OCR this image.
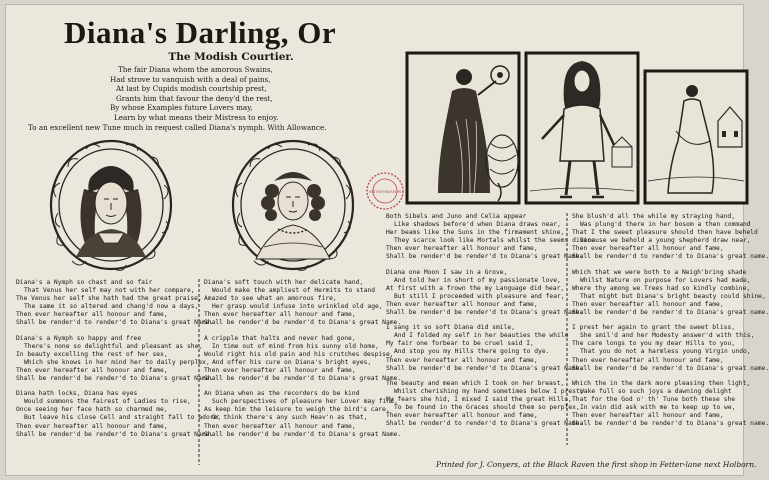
Diana's Darling, Or
The Modish Courtier.
The fair Diana whom the amorous Swains,
Had strove to vanquish with a deal of pains,
At last by Cupids modish courtship prest,
Grants him that favour the deny'd the rest,
By whose Examples future Lovers may,
Learn by what means their Mistress to enjoy.
To an excellent new Tune much in request called Diana's nymph. With Allowance.
BRITISH MUSEUM
Diana's a Nymph so chast and so fair
That Venus her self may not with her compare,
The Venus her self she hath had the great praise,
The same it so altered and chang'd now a days,
Then ever hereafter all honour and fame,
Shall be render'd to render'd to Diana's great Name.
Diana's a Nymph so happy and free
There's none so delightful and pleasant as she,
In beauty excelling the rest of her sex,
Which she knows in her mind her to daily perplex,
Then ever hereafter all honour and fame,
Shall be render'd be render'd to Diana's great Name.
Diana hath locks, Diana has eyes
Would summons the fairest of Ladies to rise,
Once seeing her face hath so charmed me,
But leave his close Cell and straight fall to adore,
Then ever hereafter all honour and fame,
Shall be render'd be render'd to Diana's great Name.
Diana's soft touch with her delicate hand,
Would make the ampliest of Hermits to stand
Amazed to see what an amorous fire,
Her grasp would infuse into wrinkled old age,
Then ever hereafter all honour and fame,
Shall be render'd be render'd to Diana's great Name.
A cripple that halts and never had gone,
In time out of mind from his sunny old home,
Would right his old pain and his crutches despise,
And offer his cure on Diana's bright eyes,
Then ever hereafter all honour and fame,
Shall be render'd be render'd to Diana's great Name.
An Diana when as the recorders do be kind
Such perspectives of pleasure her Lover may find,
As keep him the leisure to weigh the bird's care,
Or think there's any such Heav'n as that,
Then ever hereafter all honour and fame,
Shall be render'd be render'd to Diana's great Name.
Both Sibels and Juno and Celia appear
Like shadows before'd when Diana draws near,
Her beams like the Suns in the firmament shine,
They scarce look like Mortals whilst the seems divine
Then ever hereafter all honour and fame,
Shall be render'd be render'd to Diana's great Name.
Diana one Moon I saw in a Grove,
And told her in short of my passionate love,
At first with a frown the my Language did hear,
But still I proceeded with pleasure and fear,
Then ever hereafter all honour and fame,
Shall be render'd be render'd to Diana's great Name.
I sang it so soft Diana did smile,
And I folded my self in her beauties the while
My fair one forbear to be cruel said I,
And stop you my Hills there going to dye.
Then ever hereafter all honour and fame,
Shall be render'd be render'd to Diana's great Name.
The beauty and mean which I took on her breast,
Whilst cherishing my hand sometimes below I prest,
My fears she hid, I mixed I said the great Hills,
To be found in the Graces should them so perplex,
Then ever hereafter all honour and fame,
Shall be render'd to render'd to Diana's great Name.
She blush'd all the while my straying hand,
Was plung'd there in her bosom a then command
That I the sweet pleasure should then have beheld
Because we behold a young shepherd draw near,
Then ever hereafter all honour and fame,
Shall be render'd to render'd to Diana's great name.
Which that we were both to a Neigh'bring shade
Whilst Nature on purpose for Lovers had made,
Where thy among we Trees had so kindly combine,
That might but Diana's bright beauty could shine,
Then ever hereafter all honour and fame,
Shall be render'd be render'd to Diana's great name.
I prest her again to grant the sweet bliss,
She smil'd and her Modesty answer'd with this,
The care longs to you my dear Hills to you,
That you do not a harmless young Virgin undo,
Then ever hereafter all honour and fame,
Shall be render'd be render'd to Diana's great name.
Which the in the dark more pleasing then light,
Wake full so such joys a dawning delight
That for the God o' th' Tune both these she
In vain did ask with me to keep up to we,
Then ever hereafter all honour and fame,
Shall be render'd be render'd to Diana's great name.
Printed for J. Conyers, at the Black Raven the first shop in Fetter-lane next Holborn.
